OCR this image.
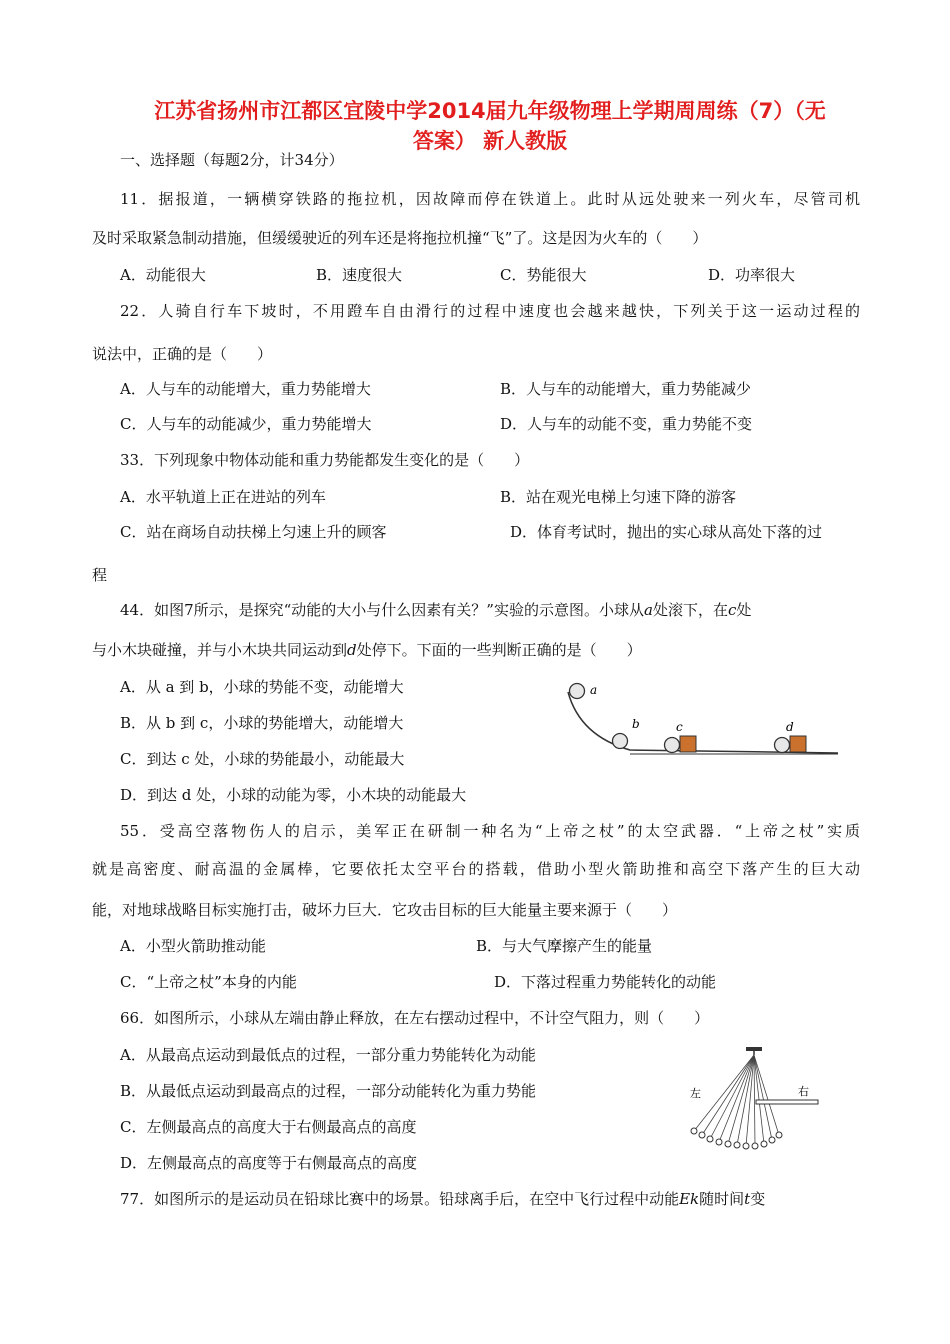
江苏省扬州市江都区宜陵中学2014届九年级物理上学期周周练（7）（无
答案） 新人教版
一、选择题（每题2分，计34分）
11．据报道，一辆横穿铁路的拖拉机，因故障而停在铁道上。此时从远处驶来一列火车，尽管司机
及时采取紧急制动措施，但缓缓驶近的列车还是将拖拉机撞“飞”了。这是因为火车的（　　）
A．动能很大	B．速度很大	C．势能很大	D．功率很大
22．人骑自行车下坡时，不用蹬车自由滑行的过程中速度也会越来越快，下列关于这一运动过程的
说法中，正确的是（　　）
A．人与车的动能增大，重力势能增大	B．人与车的动能增大，重力势能减少
C．人与车的动能减少，重力势能增大	D．人与车的动能不变，重力势能不变
33．下列现象中物体动能和重力势能都发生变化的是（　　）
A．水平轨道上正在进站的列车	B．站在观光电梯上匀速下降的游客
C．站在商场自动扶梯上匀速上升的顾客	D．体育考试时，抛出的实心球从高处下落的过
程
44．如图7所示，是探究“动能的大小与什么因素有关？”实验的示意图。小球从a处滚下，在c处
与小木块碰撞，并与小木块共同运动到d处停下。下面的一些判断正确的是（　　）
A．从 a 到 b，小球的势能不变，动能增大
B．从 b 到 c，小球的势能增大，动能增大
C．到达 c 处，小球的势能最小，动能最大
D．到达 d 处，小球的动能为零，小木块的动能最大
a
b	c	d
55．受高空落物伤人的启示，美军正在研制一种名为“上帝之杖”的太空武器．“上帝之杖”实质
就是高密度、耐高温的金属棒，它要依托太空平台的搭载，借助小型火箭助推和高空下落产生的巨大动
能，对地球战略目标实施打击，破坏力巨大．它攻击目标的巨大能量主要来源于（　　）
A．小型火箭助推动能	B．与大气摩擦产生的能量
C．“上帝之杖”本身的内能	D．下落过程重力势能转化的动能
66．如图所示，小球从左端由静止释放，在左右摆动过程中，不计空气阻力，则（　　）
A．从最高点运动到最低点的过程，一部分重力势能转化为动能
B．从最低点运动到最高点的过程，一部分动能转化为重力势能
C．左侧最高点的高度大于右侧最高点的高度
D．左侧最高点的高度等于右侧最高点的高度
左	右
77．如图所示的是运动员在铅球比赛中的场景。铅球离手后，在空中飞行过程中动能Ek随时间t变
